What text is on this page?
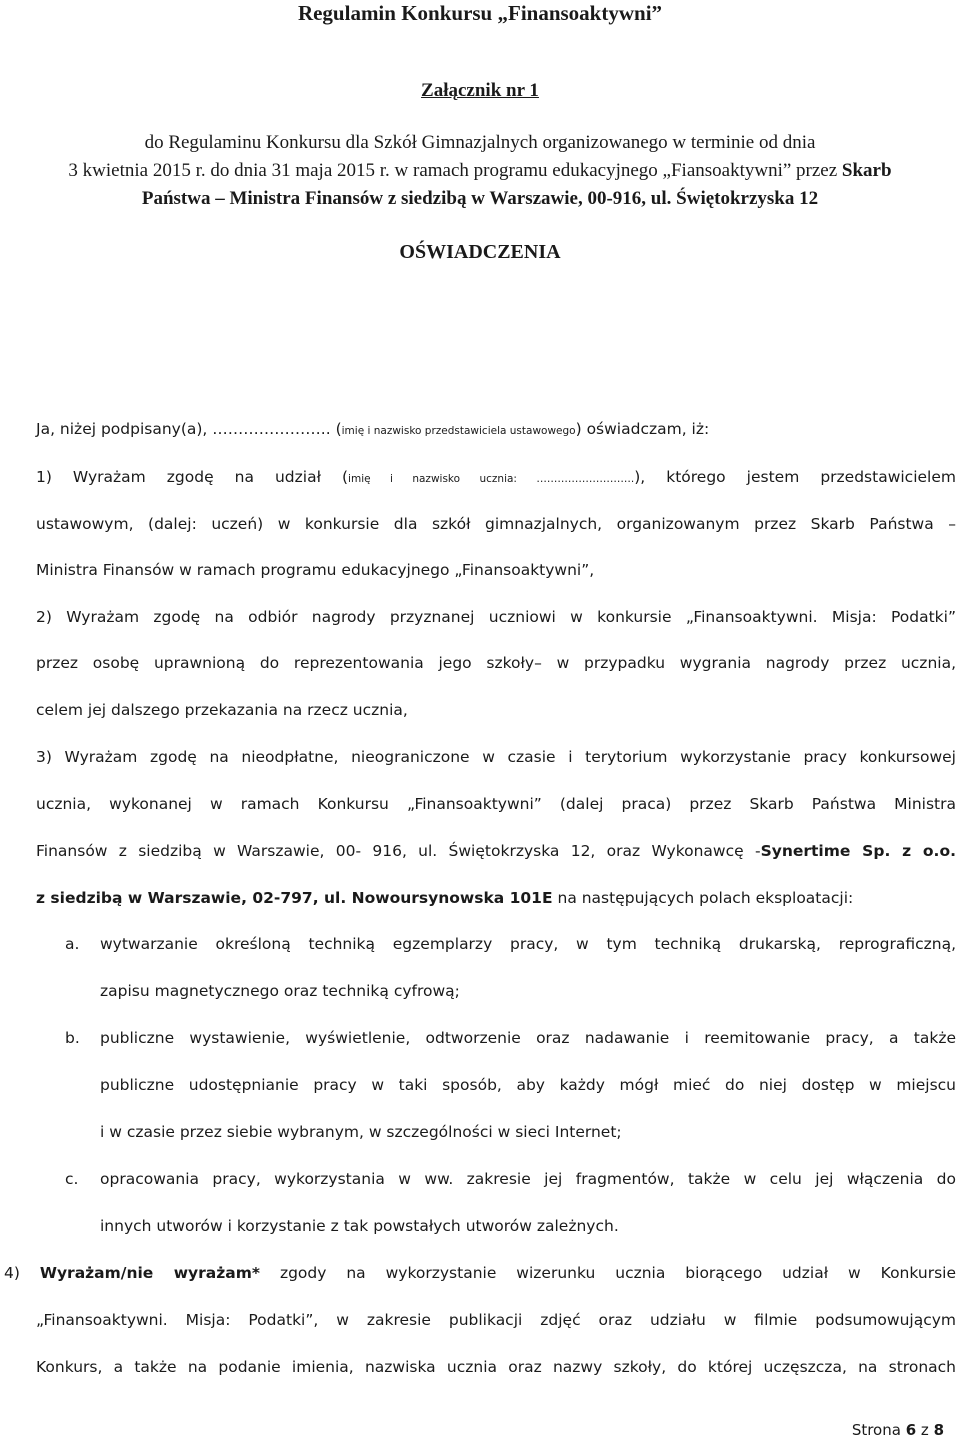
Regulamin Konkursu „Finansoaktywni”
Załącznik nr 1
do Regulaminu Konkursu dla Szkół Gimnazjalnych organizowanego w terminie od dnia
3 kwietnia 2015 r. do dnia 31 maja 2015 r. w ramach programu edukacyjnego „Fiansoaktywni” przez Skarb
Państwa – Ministra Finansów z siedzibą w Warszawie, 00-916, ul. Świętokrzyska 12
OŚWIADCZENIA
Ja, niżej podpisany(a), ………………….. (imię i nazwisko przedstawiciela ustawowego) oświadczam, iż:
1) Wyrażam zgodę na udział (imię i nazwisko ucznia: ……………………….), którego jestem przedstawicielem
ustawowym, (dalej: uczeń) w konkursie dla szkół gimnazjalnych, organizowanym przez Skarb Państwa –
Ministra Finansów w ramach programu edukacyjnego „Finansoaktywni”,
2) Wyrażam zgodę na odbiór nagrody przyznanej uczniowi w konkursie „Finansoaktywni. Misja: Podatki”
przez osobę uprawnioną do reprezentowania jego szkoły– w przypadku wygrania nagrody przez ucznia,
celem jej dalszego przekazania na rzecz ucznia,
3) Wyrażam zgodę na nieodpłatne, nieograniczone w czasie i terytorium wykorzystanie pracy konkursowej
ucznia, wykonanej w ramach Konkursu „Finansoaktywni” (dalej praca) przez Skarb Państwa Ministra
Finansów z siedzibą w Warszawie, 00- 916, ul. Świętokrzyska 12, oraz Wykonawcę -Synertime Sp. z o.o.
z siedzibą w Warszawie, 02-797, ul. Nowoursynowska 101E na następujących polach eksploatacji:
a.	wytwarzanie określoną techniką egzemplarzy pracy, w tym techniką drukarską, reprograficzną,
zapisu magnetycznego oraz techniką cyfrową;
b.	publiczne wystawienie, wyświetlenie, odtworzenie oraz nadawanie i reemitowanie pracy, a także
publiczne udostępnianie pracy w taki sposób, aby każdy mógł mieć do niej dostęp w miejscu
i w czasie przez siebie wybranym, w szczególności w sieci Internet;
c.	opracowania pracy, wykorzystania w ww. zakresie jej fragmentów, także w celu jej włączenia do
innych utworów i korzystanie z tak powstałych utworów zależnych.
4) Wyrażam/nie wyrażam* zgody na wykorzystanie wizerunku ucznia biorącego udział w Konkursie
„Finansoaktywni. Misja: Podatki”, w zakresie publikacji zdjęć oraz udziału w filmie podsumowującym
Konkurs, a także na podanie imienia, nazwiska ucznia oraz nazwy szkoły, do której uczęszcza, na stronach
Strona 6 z 8
